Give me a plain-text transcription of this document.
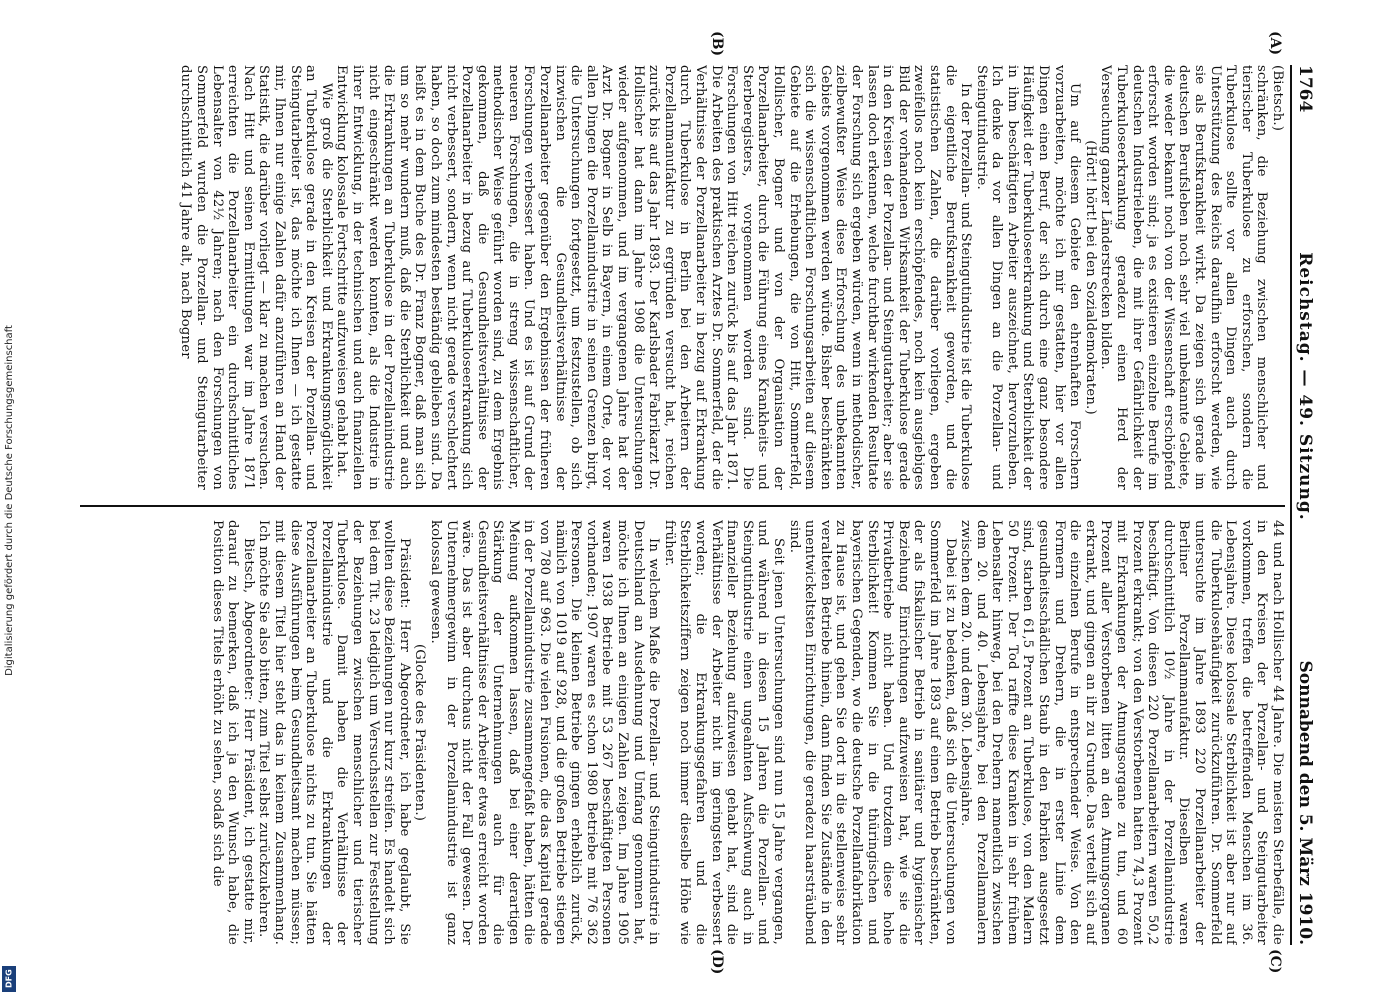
Digitalisierung gefördert durch die Deutsche Forschungsgemeinschaft
DFG
1764
Reichstag. — 49. Sitzung.
Sonnabend den 5. März 1910.
(A)
(B)
(C)
(D)

(Bietsch.)

schränken, die Beziehung zwischen menschlicher und tierischer Tuberkulose zu erforschen, sondern die Tuberkulose sollte vor allen Dingen auch durch Unterstützung des Reichs daraufhin erforscht werden, wie sie als Berufskrankheit wirkt. Da zeigen sich gerade im deutschen Berufsleben noch sehr viel unbekannte Gebiete, die weder bekannt noch von der Wissenschaft erschöpfend erforscht worden sind; ja es existieren einzelne Berufe im deutschen Industrieleben, die mit ihrer Gefährlichkeit der Tuberkuloseerkrankung geradezu einen Herd der Verseuchung ganzer Länderstrecken bilden.

(Hört! hört! bei den Sozialdemokraten.)

Um auf diesem Gebiete den ehrenhaften Forschern vorzuarbeiten, möchte ich mir gestatten, hier vor allen Dingen einen Beruf, der sich durch eine ganz besondere Häufigkeit der Tuberkuloseerkrankung und Sterblichkeit der in ihm beschäftigten Arbeiter auszeichnet, hervorzuheben. Ich denke da vor allen Dingen an die Porzellan- und Steingutindustrie.

In der Porzellan- und Steingutindustrie ist die Tuberkulose die eigentliche Berufskrankheit geworden, und die statistischen Zahlen, die darüber vorliegen, ergeben zweifellos noch kein erschöpfendes, noch kein ausgiebiges Bild der vorhandenen Wirksamkeit der Tuberkulose gerade in den Kreisen der Porzellan- und Steingutarbeiter; aber sie lassen doch erkennen, welche furchtbar wirkenden Resultate der Forschung sich ergeben würden, wenn in methodischer, zielbewußter Weise diese Erforschung des unbekannten Gebiets vorgenommen werden würde. Bisher beschränkten sich die wissenschaftlichen Forschungsarbeiten auf diesem Gebiete auf die Erhebungen, die von Hitt, Sommerfeld, Hollischer, Bogner und von der Organisation der Porzellanarbeiter, durch die Führung eines Krankheits- und Sterberegisters, vorgenommen worden sind. Die Forschungen von Hitt reichen zurück bis auf das Jahr 1871. Die Arbeiten des praktischen Arztes Dr. Sommerfeld, der die Verhältnisse der Porzellanarbeiter in bezug auf Erkrankung durch Tuberkulose in Berlin bei den Arbeitern der Porzellanmanufaktur zu ergründen versucht hat, reichen zurück bis auf das Jahr 1893. Der Karlsbader Fabrikarzt Dr. Hollischer hat dann im Jahre 1908 die Untersuchungen wieder aufgenommen, und im vergangenen Jahre hat der Arzt Dr. Bogner in Selb in Bayern, in einem Orte, der vor allen Dingen die Porzellanindustrie in seinen Grenzen birgt, die Untersuchungen fortgesetzt, um festzustellen, ob sich inzwischen die Gesundheitsverhältnisse der Porzellanarbeiter gegenüber den Ergebnissen der früheren Forschungen verbessert haben. Und es ist auf Grund der neueren Forschungen, die in streng wissenschaftlicher, methodischer Weise geführt worden sind, zu dem Ergebnis gekommen, daß die Gesundheitsverhältnisse der Porzellanarbeiter in bezug auf Tuberkuloseerkrankung sich nicht verbessert, sondern, wenn nicht gerade verschlechtert haben, so doch zum mindesten beständig geblieben sind. Da heißt es in dem Buche des Dr. Franz Bogner, daß man sich um so mehr wundern muß, daß die Sterblichkeit und auch die Erkrankungen an Tuberkulose in der Porzellanindustrie nicht eingeschränkt werden konnten, als die Industrie in ihrer Entwicklung, in der technischen und auch finanziellen Entwicklung kolossale Fortschritte aufzuweisen gehabt hat.

Wie groß die Sterblichkeit und Erkrankungsmöglichkeit an Tuberkulose gerade in den Kreisen der Porzellan- und Steingutarbeiter ist, das möchte ich Ihnen — ich gestatte mir, Ihnen nur einige Zahlen dafür anzuführen an Hand der Statistik, die darüber vorliegt — klar zu machen versuchen. Nach Hitt und seinen Ermittlungen war im Jahre 1871 erreichten die Porzellanarbeiter ein durchschnittliches Lebensalter von 42½ Jahren; nach den Forschungen von Sommerfeld wurden die Porzellan- und Steingutarbeiter durchschnittlich 41 Jahre alt, nach Bogner

44 und nach Hollischer 44 Jahre. Die meisten Sterbefälle, die in den Kreisen der Porzellan- und Steingutarbeiter vorkommen, treffen die betreffenden Menschen im 36. Lebensjahre. Diese kolossale Sterblichkeit ist aber nur auf die Tuberkulosehäufigkeit zurückzuführen. Dr. Sommerfeld untersuchte im Jahre 1893 220 Porzellanarbeiter der Berliner Porzellanmanufaktur. Dieselben waren durchschnittlich 10½ Jahre in der Porzellanindustrie beschäftigt. Von diesen 220 Porzellanarbeitern waren 50,2 Prozent erkrankt; von den Verstorbenen hatten 74,3 Prozent mit Erkrankungen der Atmungsorgane zu tun, und 60 Prozent aller Verstorbenen litten an den Atmungsorganen erkrankt, und gingen an ihr zu Grunde. Das verteilt sich auf die einzelnen Berufe in entsprechender Weise. Von den Formern und Drehern, die in erster Linie dem gesundheitsschädlichen Staub in den Fabriken ausgesetzt sind, starben 61,5 Prozent an Tuberkulose, von den Malern 50 Prozent. Der Tod raffte diese Kranken in sehr frühem Lebensalter hinweg, bei den Drehern namentlich zwischen dem 20. und 40. Lebensjahre, bei den Porzellanmalern zwischen dem 20. und dem 30. Lebensjahre.

Dabei ist zu bedenken, daß sich die Untersuchungen von Sommerfeld im Jahre 1893 auf einen Betrieb beschränkten, der als fiskalischer Betrieb in sanitärer und hygienischer Beziehung Einrichtungen aufzuweisen hat, wie sie die Privatbetriebe nicht haben. Und trotzdem diese hohe Sterblichkeit! Kommen Sie in die thüringischen und bayerischen Gegenden, wo die deutsche Porzellanfabrikation zu Hause ist, und gehen Sie dort in die stellenweise sehr veralteten Betriebe hinein, dann finden Sie Zustände in den unentwickeltsten Einrichtungen, die geradezu haarsträubend sind.

Seit jenen Untersuchungen sind nun 15 Jahre vergangen, und während in diesen 15 Jahren die Porzellan- und Steingutindustrie einen ungeahnten Aufschwung auch in finanzieller Beziehung aufzuweisen gehabt hat, sind die Verhältnisse der Arbeiter nicht im geringsten verbessert worden; die Erkrankungsgefahren und die Sterblichkeitsziffern zeigen noch immer dieselbe Höhe wie früher.

In welchem Maße die Porzellan- und Steingutindustrie in Deutschland an Ausdehnung und Umfang genommen hat, möchte ich Ihnen an einigen Zahlen zeigen. Im Jahre 1905 waren 1938 Betriebe mit 53 267 beschäftigten Personen vorhanden; 1907 waren es schon 1980 Betriebe mit 76 362 Personen. Die kleinen Betriebe gingen erheblich zurück, nämlich von 1019 auf 928, und die großen Betriebe stiegen von 780 auf 963. Die vielen Fusionen, die das Kapital gerade in der Porzellanindustrie zusammengefaßt haben, hätten die Meinung aufkommen lassen, daß bei einer derartigen Stärkung der Unternehmungen auch für die Gesundheitsverhältnisse der Arbeiter etwas erreicht worden wäre. Das ist aber durchaus nicht der Fall gewesen. Der Unternehmergewinn in der Porzellanindustrie ist ganz kolossal gewesen.

(Glocke des Präsidenten.)

Präsident: Herr Abgeordneter, ich habe geglaubt, Sie wollten diese Beziehungen nur kurz streifen. Es handelt sich bei dem Tit. 23 lediglich um Versuchsstellen zur Feststellung der Beziehungen zwischen menschlicher und tierischer Tuberkulose. Damit haben die Verhältnisse der Porzellanindustrie und die Erkrankungen der Porzellanarbeiter an Tuberkulose nichts zu tun. Sie hätten diese Ausführungen beim Gesundheitsamt machen müssen; mit diesem Titel hier steht das in keinem Zusammenhang. Ich möchte Sie also bitten, zum Titel selbst zurückzukehren.

Bietsch, Abgeordneter: Herr Präsident, ich gestatte mir, darauf zu bemerken, daß ich ja den Wunsch habe, die Position dieses Titels erhöht zu sehen, sodaß sich die
